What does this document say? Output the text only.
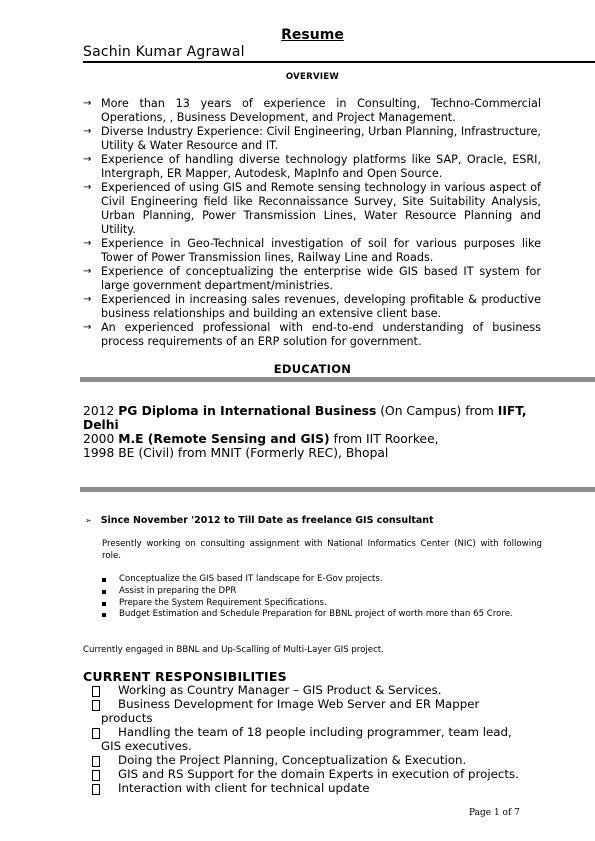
Resume
Sachin Kumar Agrawal
OVERVIEW
→ More than 13 years of experience in Consulting, Techno-Commercial Operations, , Business Development, and Project Management.
→ Diverse Industry Experience: Civil Engineering, Urban Planning, Infrastructure, Utility & Water Resource and IT.
→ Experience of handling diverse technology platforms like SAP, Oracle, ESRI, Intergraph, ER Mapper, Autodesk, MapInfo and Open Source.
→ Experienced of using GIS and Remote sensing technology in various aspect of Civil Engineering field like Reconnaissance Survey, Site Suitability Analysis, Urban Planning, Power Transmission Lines, Water Resource Planning and Utility.
→ Experience in Geo-Technical investigation of soil for various purposes like Tower of Power Transmission lines, Railway Line and Roads.
→ Experience of conceptualizing the enterprise wide GIS based IT system for large government department/ministries.
→ Experienced in increasing sales revenues, developing profitable & productive business relationships and building an extensive client base.
→ An experienced professional with end-to-end understanding of business process requirements of an ERP solution for government.
EDUCATION
2012 PG Diploma in International Business (On Campus) from IIFT, Delhi
2000 M.E (Remote Sensing and GIS) from IIT Roorkee,
1998 BE (Civil) from MNIT (Formerly REC), Bhopal
➢ Since November '2012 to Till Date as freelance GIS consultant
Presently working on consulting assignment with National Informatics Center (NIC) with following role.
Conceptualize the GIS based IT landscape for E-Gov projects.
Assist in preparing the DPR
Prepare the System Requirement Specifications.
Budget Estimation and Schedule Preparation for BBNL project of worth more than 65 Crore.
Currently engaged in BBNL and Up-Scalling of Multi-Layer GIS project.
CURRENT RESPONSIBILITIES
Working as Country Manager – GIS Product & Services.
Business Development for Image Web Server and ER Mapper
products
Handling the team of 18 people including programmer, team lead,
GIS executives.
Doing the Project Planning, Conceptualization & Execution.
GIS and RS Support for the domain Experts in execution of projects.
Interaction with client for technical update
Page 1 of 7
